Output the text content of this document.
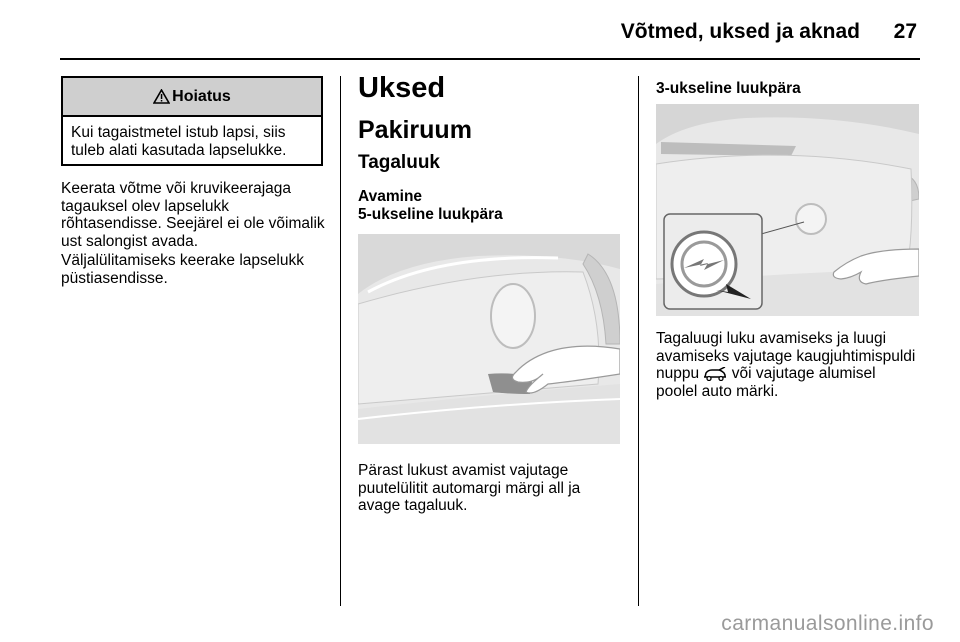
Võtmed, uksed ja aknad 27
Hoiatus
Kui tagaistmetel istub lapsi, siis tuleb alati kasutada lapselukke.

Keerata võtme või kruvikeerajaga tagauksel olev lapselukk rõhtasendisse. Seejärel ei ole võimalik ust salongist avada.

Väljalülitamiseks keerake lapselukk püstiasendisse.

Uksed
Pakiruum
Tagaluuk
Avamine
5-ukseline luukpära

Pärast lukust avamist vajutage puutelülitit automargi märgi all ja avage tagaluuk.

3-ukseline luukpära

Tagaluugi luku avamiseks ja luugi avamiseks vajutage kaugjuhtimispuldi nuppu või vajutage alumisel poolel auto märki.

carmanualsonline.info
